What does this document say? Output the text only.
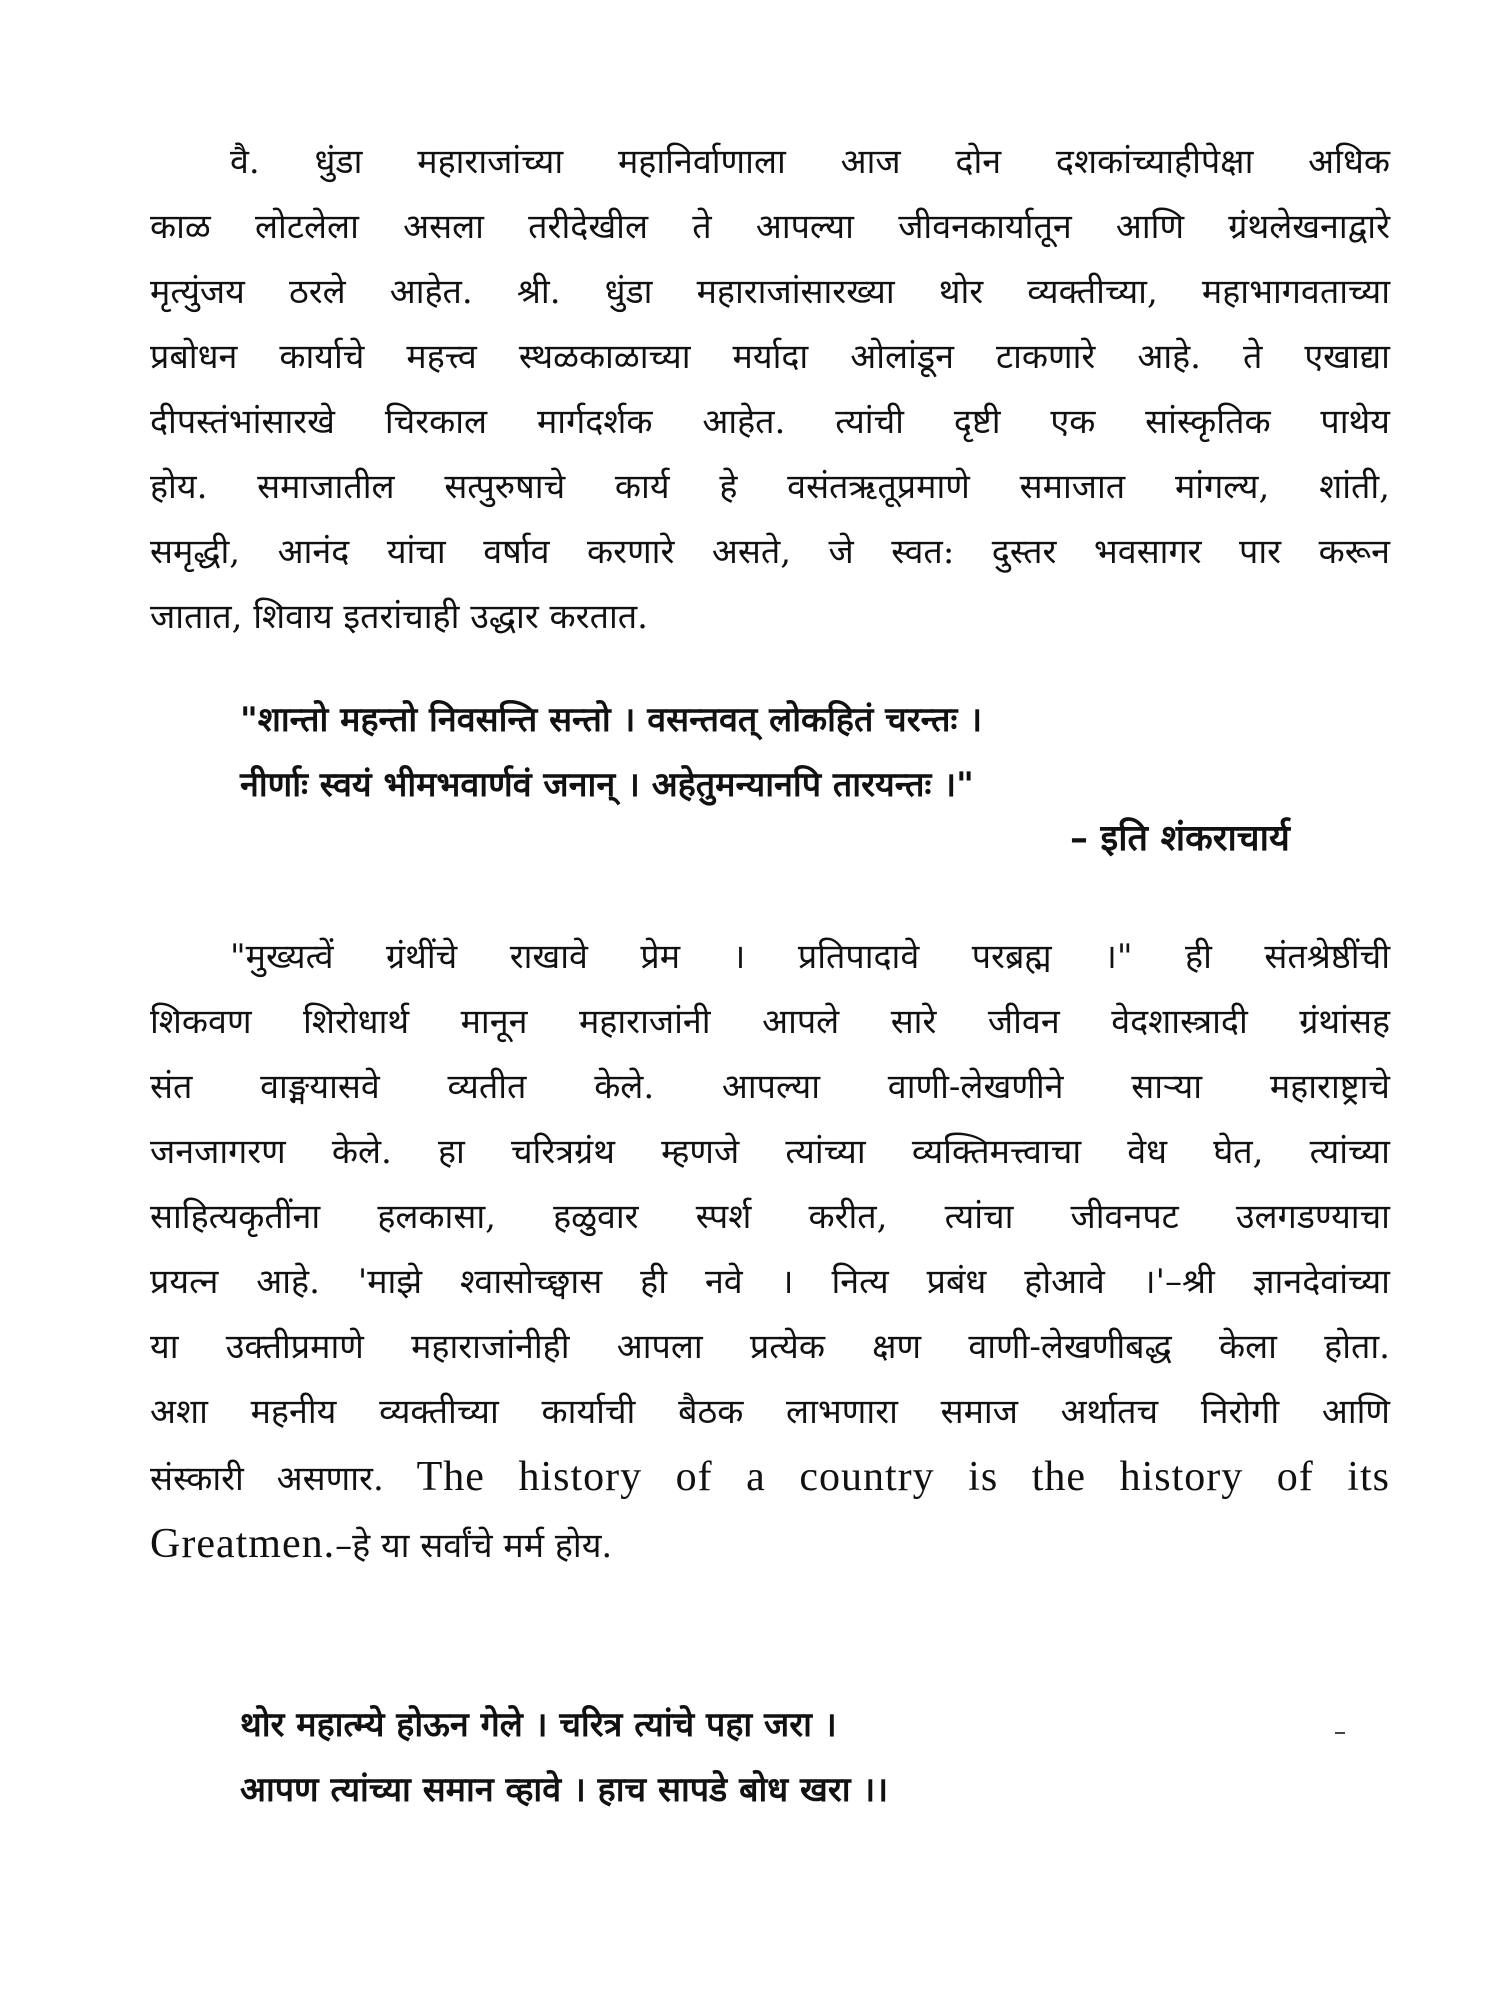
वै. धुंडा महाराजांच्या महानिर्वाणाला आज दोन दशकांच्याहीपेक्षा अधिक
काळ लोटलेला असला तरीदेखील ते आपल्या जीवनकार्यातून आणि ग्रंथलेखनाद्वारे
मृत्युंजय ठरले आहेत. श्री. धुंडा महाराजांसारख्या थोर व्यक्तीच्या, महाभागवताच्या
प्रबोधन कार्याचे महत्त्व स्थळकाळाच्या मर्यादा ओलांडून टाकणारे आहे. ते एखाद्या
दीपस्तंभांसारखे चिरकाल मार्गदर्शक आहेत. त्यांची दृष्टी एक सांस्कृतिक पाथेय
होय. समाजातील सत्पुरुषाचे कार्य हे वसंतऋतूप्रमाणे समाजात मांगल्य, शांती,
समृद्धी, आनंद यांचा वर्षाव करणारे असते, जे स्वत: दुस्तर भवसागर पार करून
जातात, शिवाय इतरांचाही उद्धार करतात.
"शान्तो महन्तो निवसन्ति सन्तो । वसन्तवत् लोकहितं चरन्तः ।
नीर्णाः स्वयं भीमभवार्णवं जनान् । अहेतुमन्यानपि तारयन्तः ।"
– इति शंकराचार्य
"मुख्यत्वें ग्रंथींचे राखावे प्रेम । प्रतिपादावे परब्रह्म ।" ही संतश्रेष्ठींची
शिकवण शिरोधार्थ मानून महाराजांनी आपले सारे जीवन वेदशास्त्रादी ग्रंथांसह
संत वाङ्मयासवे व्यतीत केले. आपल्या वाणी-लेखणीने साऱ्या महाराष्ट्राचे
जनजागरण केले. हा चरित्रग्रंथ म्हणजे त्यांच्या व्यक्तिमत्त्वाचा वेध घेत, त्यांच्या
साहित्यकृतींना हलकासा, हळुवार स्पर्श करीत, त्यांचा जीवनपट उलगडण्याचा
प्रयत्न आहे. 'माझे श्वासोच्छ्वास ही नवे । नित्य प्रबंध होआवे ।'–श्री ज्ञानदेवांच्या
या उक्तीप्रमाणे महाराजांनीही आपला प्रत्येक क्षण वाणी-लेखणीबद्ध केला होता.
अशा महनीय व्यक्तीच्या कार्याची बैठक लाभणारा समाज अर्थातच निरोगी आणि
संस्कारी असणार. The history of a country is the history of its
Greatmen.–हे या सर्वांचे मर्म होय.
थोर महात्म्ये होऊन गेले । चरित्र त्यांचे पहा जरा ।
आपण त्यांच्या समान व्हावे । हाच सापडे बोध खरा ।।
